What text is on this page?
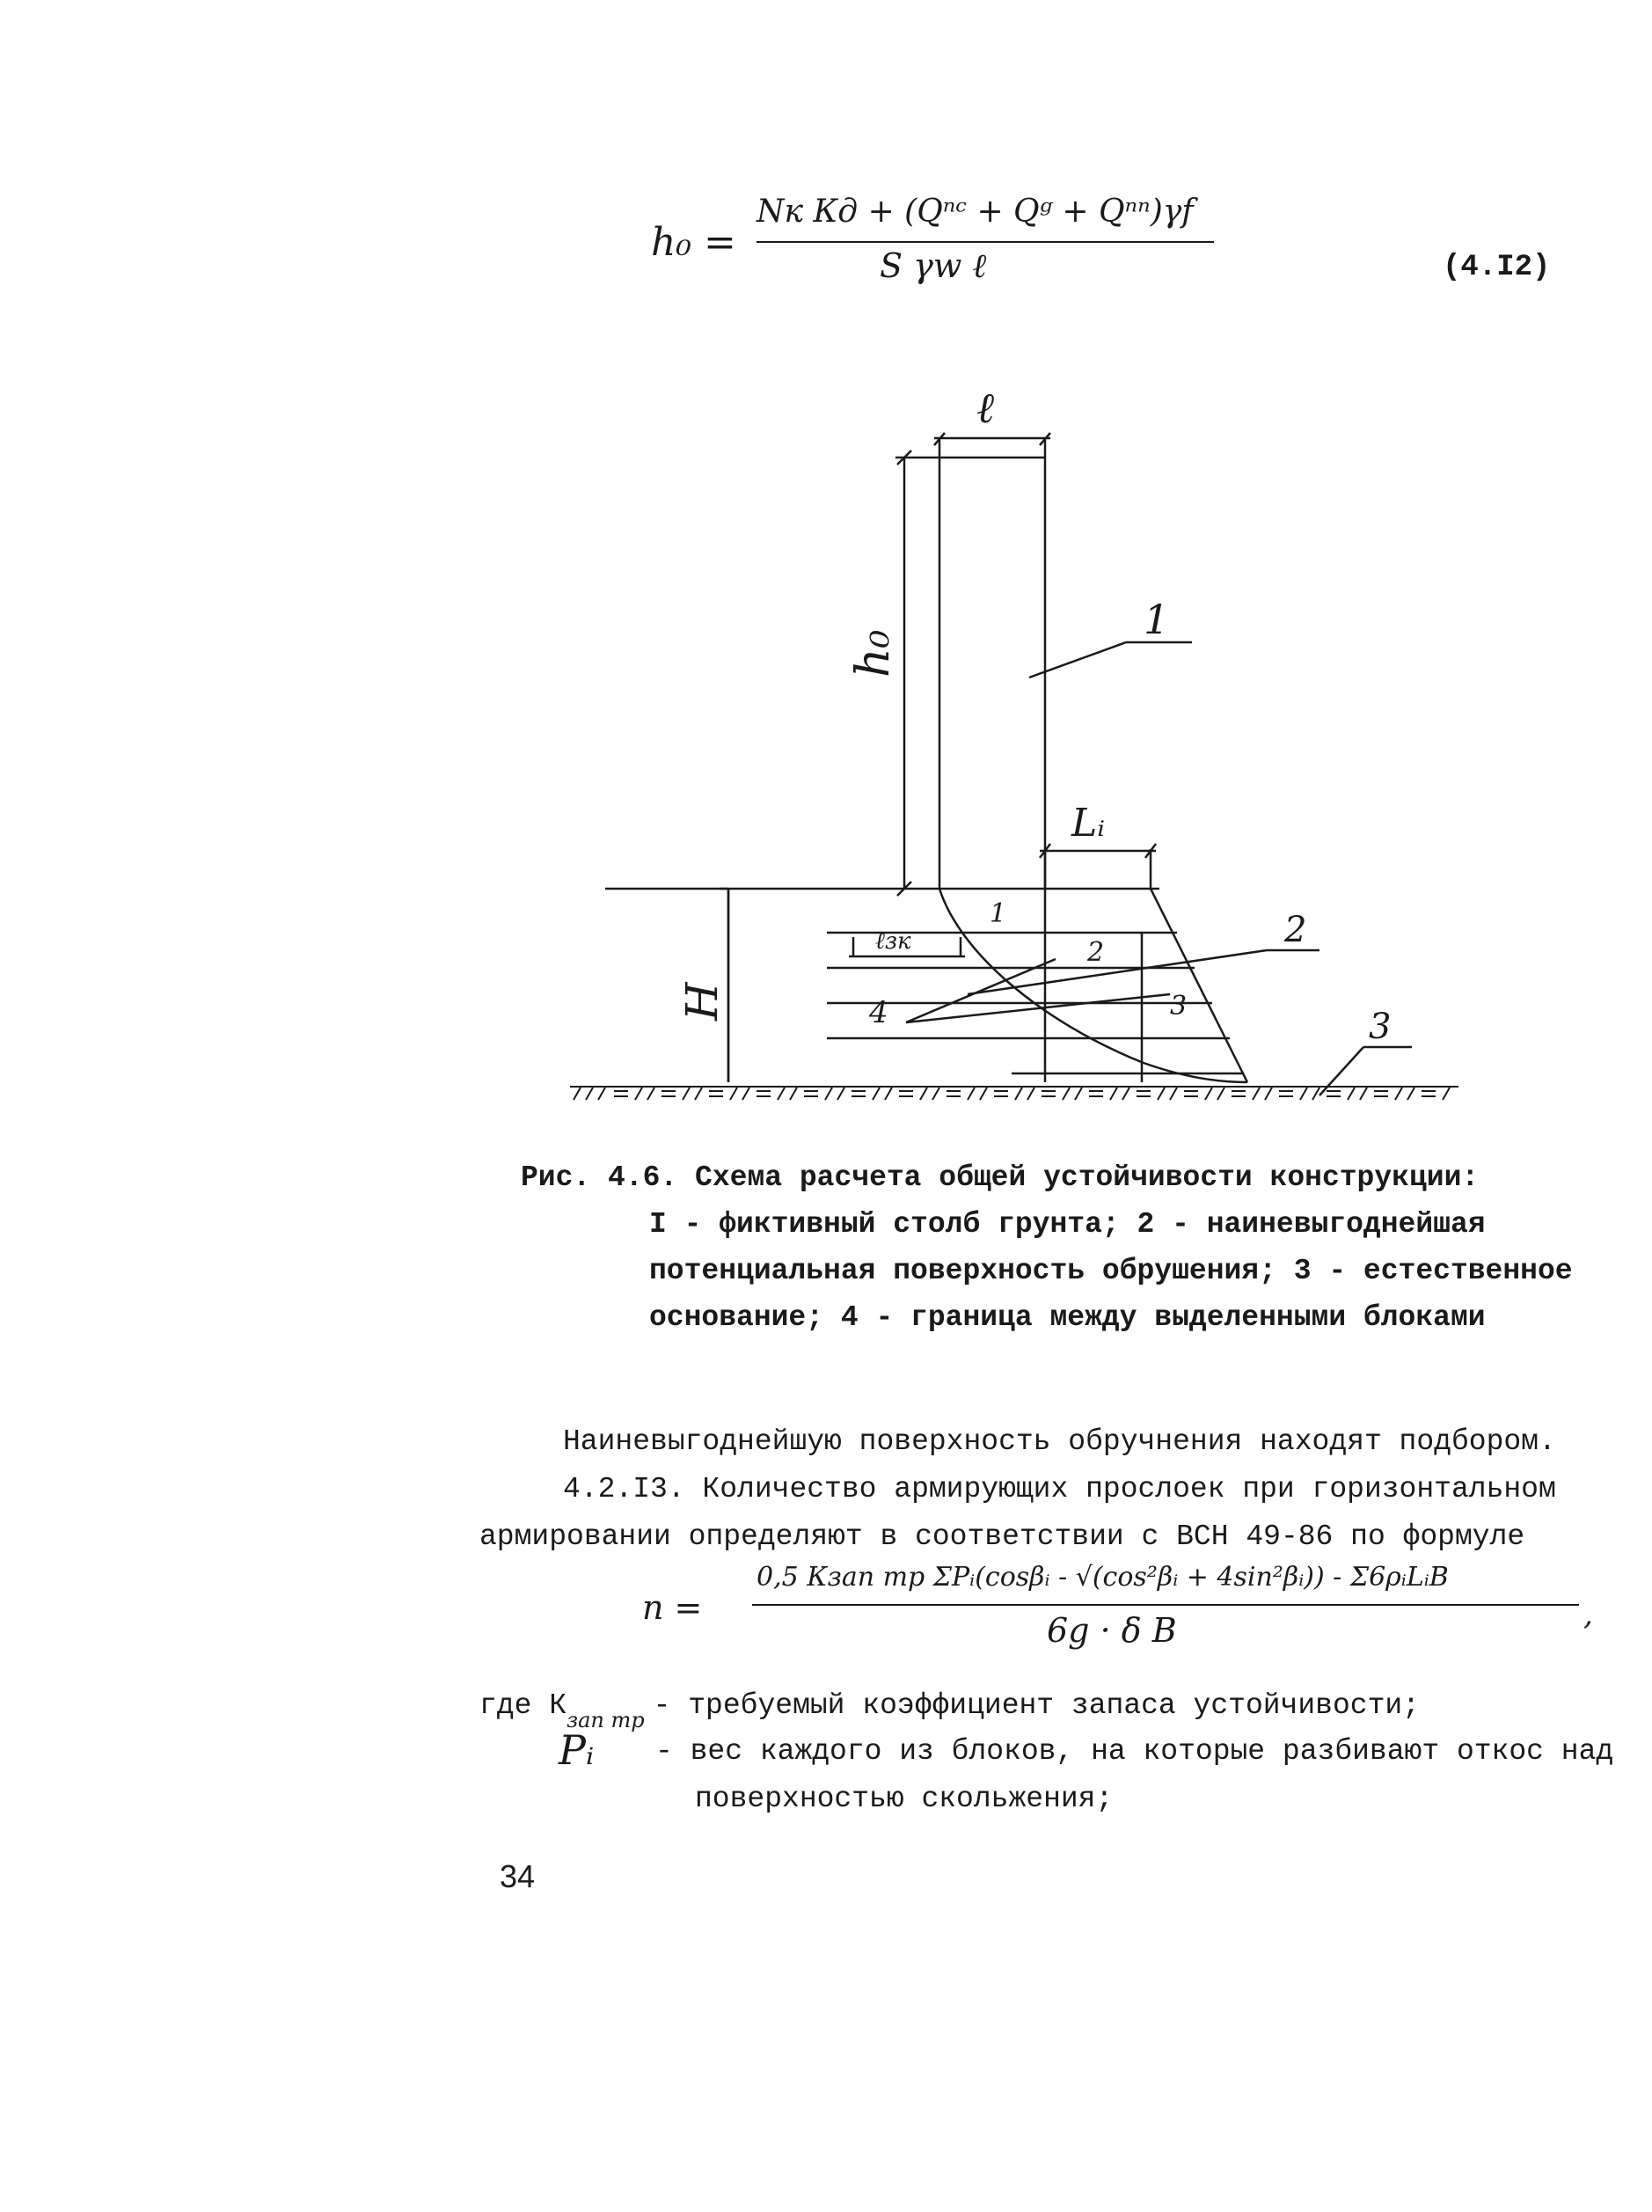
h₀ =
Nк Кд + (Qⁿᶜ + Qᵍ + Qⁿⁿ)γf
S γw ℓ	(4.I2)
ℓ
h₀
Lᵢ
H
ℓзк
1
2
3
4
1
2
3
Рис. 4.6. Схема расчета общей устойчивости конструкции:
I - фиктивный столб грунта; 2 - наиневыгоднейшая
потенциальная поверхность обрушения; 3 - естественное
основание; 4 - граница между выделенными блоками
Наиневыгоднейшую поверхность обручнения находят подбором.
4.2.I3. Количество армирующих прослоек при горизонтальном
армировании определяют в соответствии с ВСН 49-86 по формуле
n =
0,5 Кзап тр ΣPᵢ(cosβᵢ - √(cos²βᵢ + 4sin²βᵢ)) - Σ6ρᵢLᵢB
6g · δ B	,
где $К_{зап тр}$ - требуемый коэффициент запаса устойчивости;
Pᵢ - вес каждого из блоков, на которые разбивают откос над
поверхностью скольжения;
34
